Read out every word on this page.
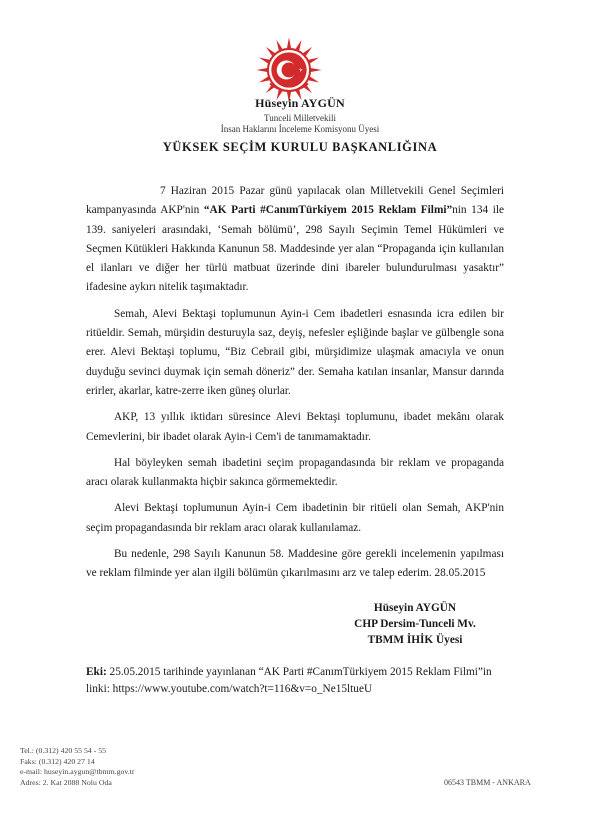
Hüseyin AYGÜN
Tunceli Milletvekili
İnsan Haklarını İnceleme Komisyonu Üyesi
YÜKSEK SEÇİM KURULU BAŞKANLIĞINA

7 Haziran 2015 Pazar günü yapılacak olan Milletvekili Genel Seçimleri kampanyasında AKP'nin “AK Parti #CanımTürkiyem 2015 Reklam Filmi”nin 134 ile 139. saniyeleri arasındaki, ‘Semah bölümü’, 298 Sayılı Seçimin Temel Hükümleri ve Seçmen Kütükleri Hakkında Kanunun 58. Maddesinde yer alan “Propaganda için kullanılan el ilanları ve diğer her türlü matbuat üzerinde dini ibareler bulundurulması yasaktır” ifadesine aykırı nitelik taşımaktadır.

Semah, Alevi Bektaşi toplumunun Ayin-i Cem ibadetleri esnasında icra edilen bir ritüeldir. Semah, mürşidin desturuyla saz, deyiş, nefesler eşliğinde başlar ve gülbengle sona erer. Alevi Bektaşi toplumu, “Biz Cebrail gibi, mürşidimize ulaşmak amacıyla ve onun duyduğu sevinci duymak için semah döneriz” der. Semaha katılan insanlar, Mansur darında erirler, akarlar, katre-zerre iken güneş olurlar.

AKP, 13 yıllık iktidarı süresince Alevi Bektaşi toplumunu, ibadet mekânı olarak Cemevlerini, bir ibadet olarak Ayin-i Cem'i de tanımamaktadır.

Hal böyleyken semah ibadetini seçim propagandasında bir reklam ve propaganda aracı olarak kullanmakta hiçbir sakınca görmemektedir.

Alevi Bektaşi toplumunun Ayin-i Cem ibadetinin bir ritüeli olan Semah, AKP'nin seçim propagandasında bir reklam aracı olarak kullanılamaz.

Bu nedenle, 298 Sayılı Kanunun 58. Maddesine göre gerekli incelemenin yapılması ve reklam filminde yer alan ilgili bölümün çıkarılmasını arz ve talep ederim. 28.05.2015

Hüseyin AYGÜN
CHP Dersim-Tunceli Mv.
TBMM İHİK Üyesi
Eki: 25.05.2015 tarihinde yayınlanan “AK Parti #CanımTürkiyem 2015 Reklam Filmi”in linki: https://www.youtube.com/watch?t=116&v=o_Ne15ltueU
Tel.: (0.312) 420 55 54 - 55
Faks: (0.312) 420 27 14
e-mail: huseyin.aygun@tbmm.gov.tr
Adres: 2. Kat 2088 Nolu Oda	06543 TBMM - ANKARA
